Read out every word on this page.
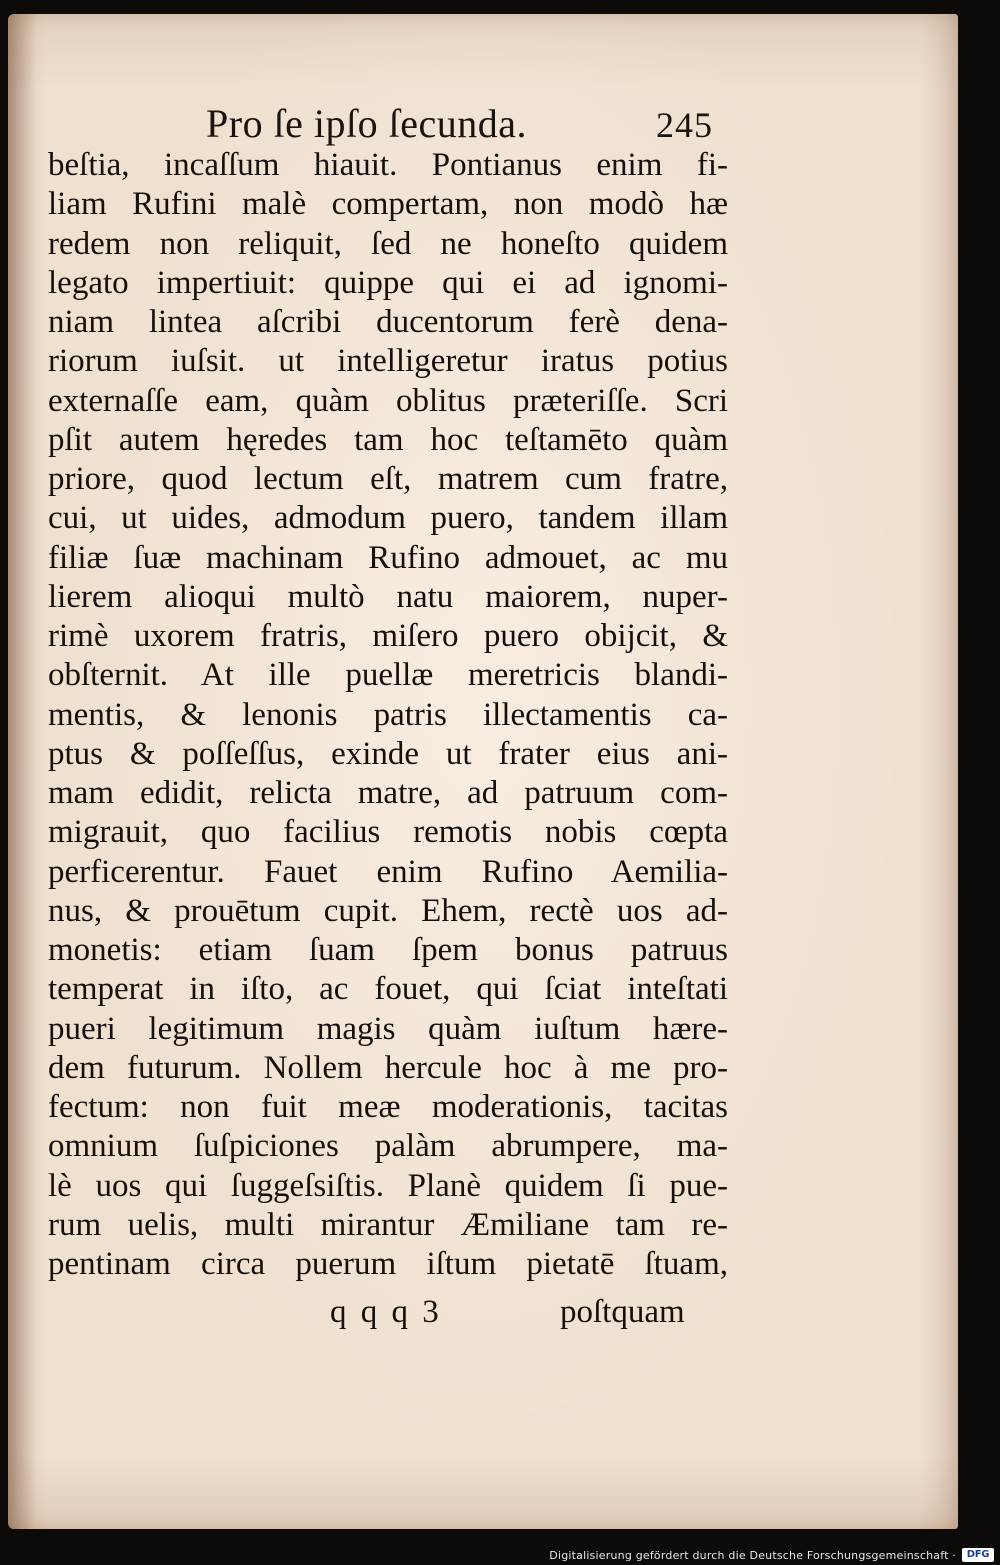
Pro ſe ipſo ſecunda.	245
beſtia, incaſſum hiauit. Pontianus enim fi-
liam Rufini malè compertam, non modò hæ
redem non reliquit, ſed ne honeſto quidem
legato impertiuit: quippe qui ei ad ignomi-
niam lintea aſcribi ducentorum ferè dena-
riorum iuſsit. ut intelligeretur iratus potius
externaſſe eam, quàm oblitus præteriſſe. Scri
pſit autem hęredes tam hoc teſtamēto quàm
priore, quod lectum eſt, matrem cum fratre,
cui, ut uides, admodum puero, tandem illam
filiæ ſuæ machinam Rufino admouet, ac mu
lierem alioqui multò natu maiorem, nuper-
rimè uxorem fratris, miſero puero obijcit, &
obſternit. At ille puellæ meretricis blandi-
mentis, & lenonis patris illectamentis ca-
ptus & poſſeſſus, exinde ut frater eius ani-
mam edidit, relicta matre, ad patruum com-
migrauit, quo facilius remotis nobis cœpta
perficerentur. Fauet enim Rufino Aemilia-
nus, & prouētum cupit. Ehem, rectè uos ad-
monetis: etiam ſuam ſpem bonus patruus
temperat in iſto, ac fouet, qui ſciat inteſtati
pueri legitimum magis quàm iuſtum hære-
dem futurum. Nollem hercule hoc à me pro-
fectum: non fuit meæ moderationis, tacitas
omnium ſuſpiciones palàm abrumpere, ma-
lè uos qui ſuggeſsiſtis. Planè quidem ſi pue-
rum uelis, multi mirantur Æmiliane tam re-
pentinam circa puerum iſtum pietatē ſtuam,
q q q 3	poſtquam
Digitalisierung gefördert durch die Deutsche Forschungsgemeinschaft ·	DFG
